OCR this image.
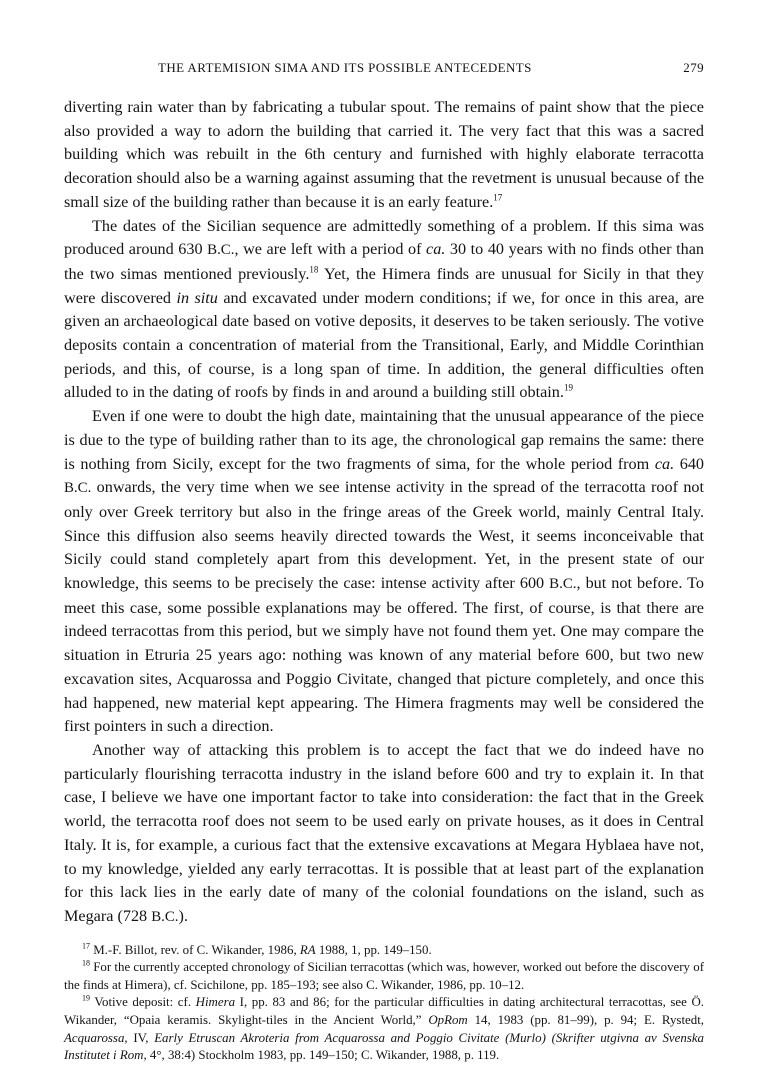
THE ARTEMISION SIMA AND ITS POSSIBLE ANTECEDENTS	279

diverting rain water than by fabricating a tubular spout. The remains of paint show that the piece also provided a way to adorn the building that carried it. The very fact that this was a sacred building which was rebuilt in the 6th century and furnished with highly elaborate terracotta decoration should also be a warning against assuming that the revetment is unusual because of the small size of the building rather than because it is an early feature.$^{17}$

The dates of the Sicilian sequence are admittedly something of a problem. If this sima was produced around 630 B.C., we are left with a period of ca. 30 to 40 years with no finds other than the two simas mentioned previously.$^{18}$ Yet, the Himera finds are unusual for Sicily in that they were discovered in situ and excavated under modern conditions; if we, for once in this area, are given an archaeological date based on votive deposits, it deserves to be taken seriously. The votive deposits contain a concentration of material from the Transitional, Early, and Middle Corinthian periods, and this, of course, is a long span of time. In addition, the general difficulties often alluded to in the dating of roofs by finds in and around a building still obtain.$^{19}$

Even if one were to doubt the high date, maintaining that the unusual appearance of the piece is due to the type of building rather than to its age, the chronological gap remains the same: there is nothing from Sicily, except for the two fragments of sima, for the whole period from ca. 640 B.C. onwards, the very time when we see intense activity in the spread of the terracotta roof not only over Greek territory but also in the fringe areas of the Greek world, mainly Central Italy. Since this diffusion also seems heavily directed towards the West, it seems inconceivable that Sicily could stand completely apart from this development. Yet, in the present state of our knowledge, this seems to be precisely the case: intense activity after 600 B.C., but not before. To meet this case, some possible explanations may be offered. The first, of course, is that there are indeed terracottas from this period, but we simply have not found them yet. One may compare the situation in Etruria 25 years ago: nothing was known of any material before 600, but two new excavation sites, Acquarossa and Poggio Civitate, changed that picture completely, and once this had happened, new material kept appearing. The Himera fragments may well be considered the first pointers in such a direction.

Another way of attacking this problem is to accept the fact that we do indeed have no particularly flourishing terracotta industry in the island before 600 and try to explain it. In that case, I believe we have one important factor to take into consideration: the fact that in the Greek world, the terracotta roof does not seem to be used early on private houses, as it does in Central Italy. It is, for example, a curious fact that the extensive excavations at Megara Hyblaea have not, to my knowledge, yielded any early terracottas. It is possible that at least part of the explanation for this lack lies in the early date of many of the colonial foundations on the island, such as Megara (728 B.C.).

$^{17}$ M.-F. Billot, rev. of C. Wikander, 1986, RA 1988, 1, pp. 149–150.

$^{18}$ For the currently accepted chronology of Sicilian terracottas (which was, however, worked out before the discovery of the finds at Himera), cf. Scichilone, pp. 185–193; see also C. Wikander, 1986, pp. 10–12.

$^{19}$ Votive deposit: cf. Himera I, pp. 83 and 86; for the particular difficulties in dating architectural terracottas, see Ö. Wikander, “Opaia keramis. Skylight-tiles in the Ancient World,” OpRom 14, 1983 (pp. 81–99), p. 94; E. Rystedt, Acquarossa, IV, Early Etruscan Akroteria from Acquarossa and Poggio Civitate (Murlo) (Skrifter utgivna av Svenska Institutet i Rom, 4°, 38:4) Stockholm 1983, pp. 149–150; C. Wikander, 1988, p. 119.
